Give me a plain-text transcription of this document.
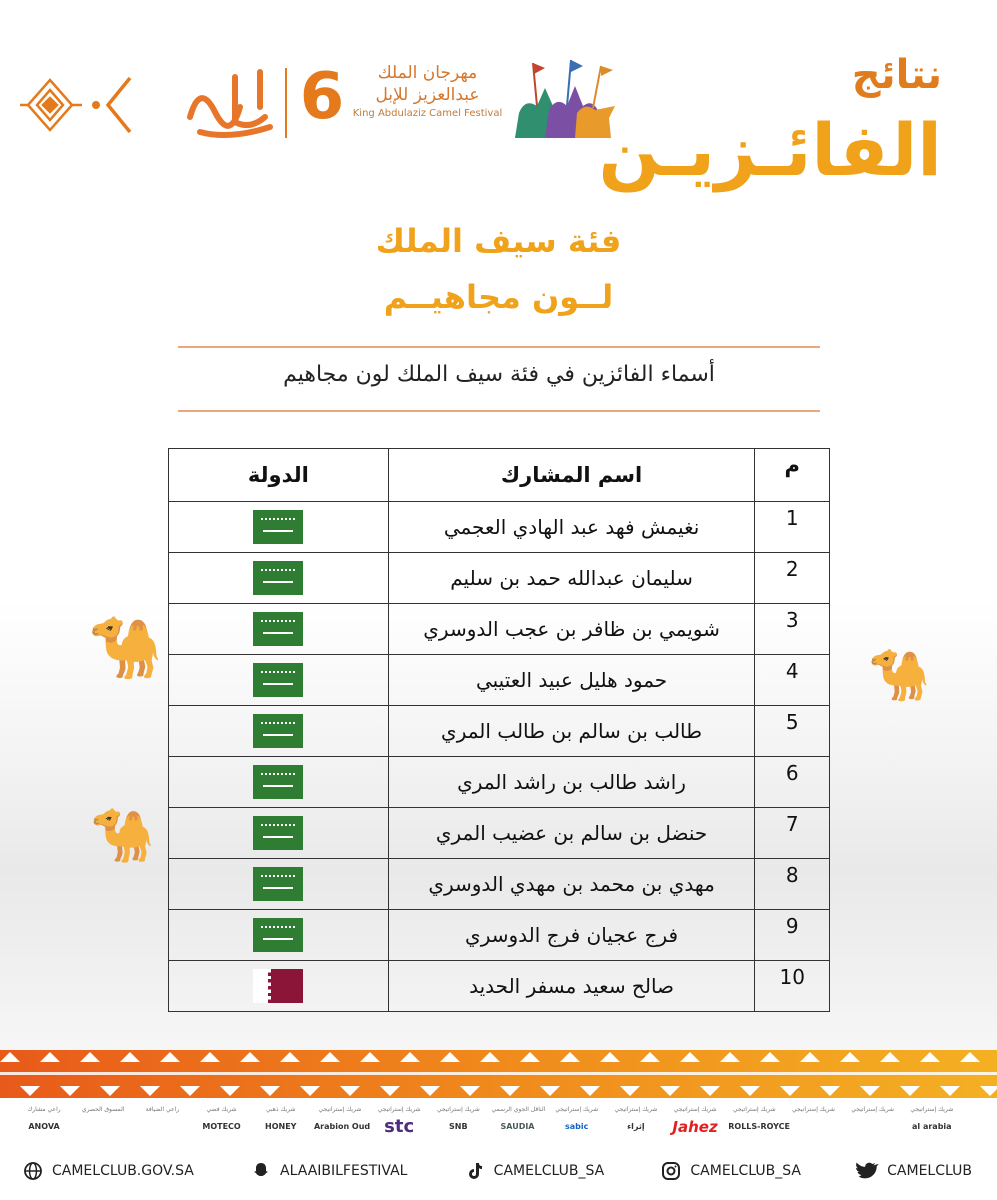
🐪	🐪
🐪
6	مهرجان الملك
عبدالعزيز للإبل
King Abdulaziz Camel Festival
نتائج
الفائـزيـن
فئة سيف الملك
لــون مجاهيــم
أسماء الفائزين في فئة سيف الملك لون مجاهيم
م	اسم المشارك	الدولة
1	نغيمش فهد عبد الهادي العجمي	

2	سليمان عبدالله حمد بن سليم	

3	شويمي بن ظافر بن عجب الدوسري	

4	حمود هليل عبيد العتيبي	

5	طالب بن سالم بن طالب المري	

6	راشد طالب بن راشد المري	

7	حنضل بن سالم بن عضيب المري	

8	مهدي بن محمد بن مهدي الدوسري	

9	فرج عجيان فرج الدوسري	

10	صالح سعيد مسفر الحديد	
شريك إستراتيجي
al arabia
شريك إستراتيجي
شريك إستراتيجي
شريك إستراتيجي
ROLLS-ROYCE
شريك إستراتيجي
Jahez
شريك إستراتيجي
إثراء
شريك إستراتيجي
sabic
الناقل الجوي الرسمي
SAUDIA
شريك إستراتيجي
SNB
شريك إستراتيجي
stc
شريك إستراتيجي
Arabion Oud
شريك ذهبي
HONEY
شريك فضي
MOTECO
راعي الضيافة
المسوق الحصري
راعي مشارك
ANOVA
ALAAIBILFESTIVAL	CAMELCLUB_SA	CAMELCLUB_SA	CAMELCLUB
CAMELCLUB.GOV.SA
